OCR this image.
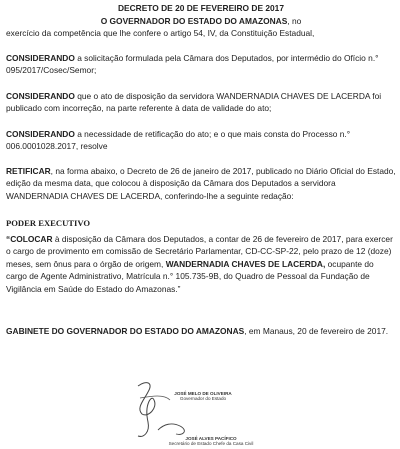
DECRETO DE 20 DE FEVEREIRO DE 2017
O GOVERNADOR DO ESTADO DO AMAZONAS, no

exercício da competência que lhe confere o artigo 54, IV, da Constituição Estadual,

CONSIDERANDO a solicitação formulada pela Câmara dos Deputados, por intermédio do Ofício n.° 095/2017/Cosec/Semor;

CONSIDERANDO que o ato de disposição da servidora WANDERNADIA CHAVES DE LACERDA foi publicado com incorreção, na parte referente à data de validade do ato;

CONSIDERANDO a necessidade de retificação do ato; e o que mais consta do Processo n.° 006.0001028.2017, resolve

RETIFICAR, na forma abaixo, o Decreto de 26 de janeiro de 2017, publicado no Diário Oficial do Estado, edição da mesma data, que colocou à disposição da Câmara dos Deputados a servidora WANDERNADIA CHAVES DE LACERDA, conferindo-lhe a seguinte redação:

PODER EXECUTIVO

“COLOCAR à disposição da Câmara dos Deputados, a contar de 26 de fevereiro de 2017, para exercer o cargo de provimento em comissão de Secretário Parlamentar, CD-CC-SP-22, pelo prazo de 12 (doze) meses, sem ônus para o órgão de origem, WANDERNADIA CHAVES DE LACERDA, ocupante do cargo de Agente Administrativo, Matrícula n.° 105.735-9B, do Quadro de Pessoal da Fundação de Vigilância em Saúde do Estado do Amazonas.”

GABINETE DO GOVERNADOR DO ESTADO DO AMAZONAS, em Manaus, 20 de fevereiro de 2017.

JOSÉ MELO DE OLIVEIRA
Governador do Estado
JOSÉ ALVES PACÍFICO
Secretário de Estado Chefe da Casa Civil
